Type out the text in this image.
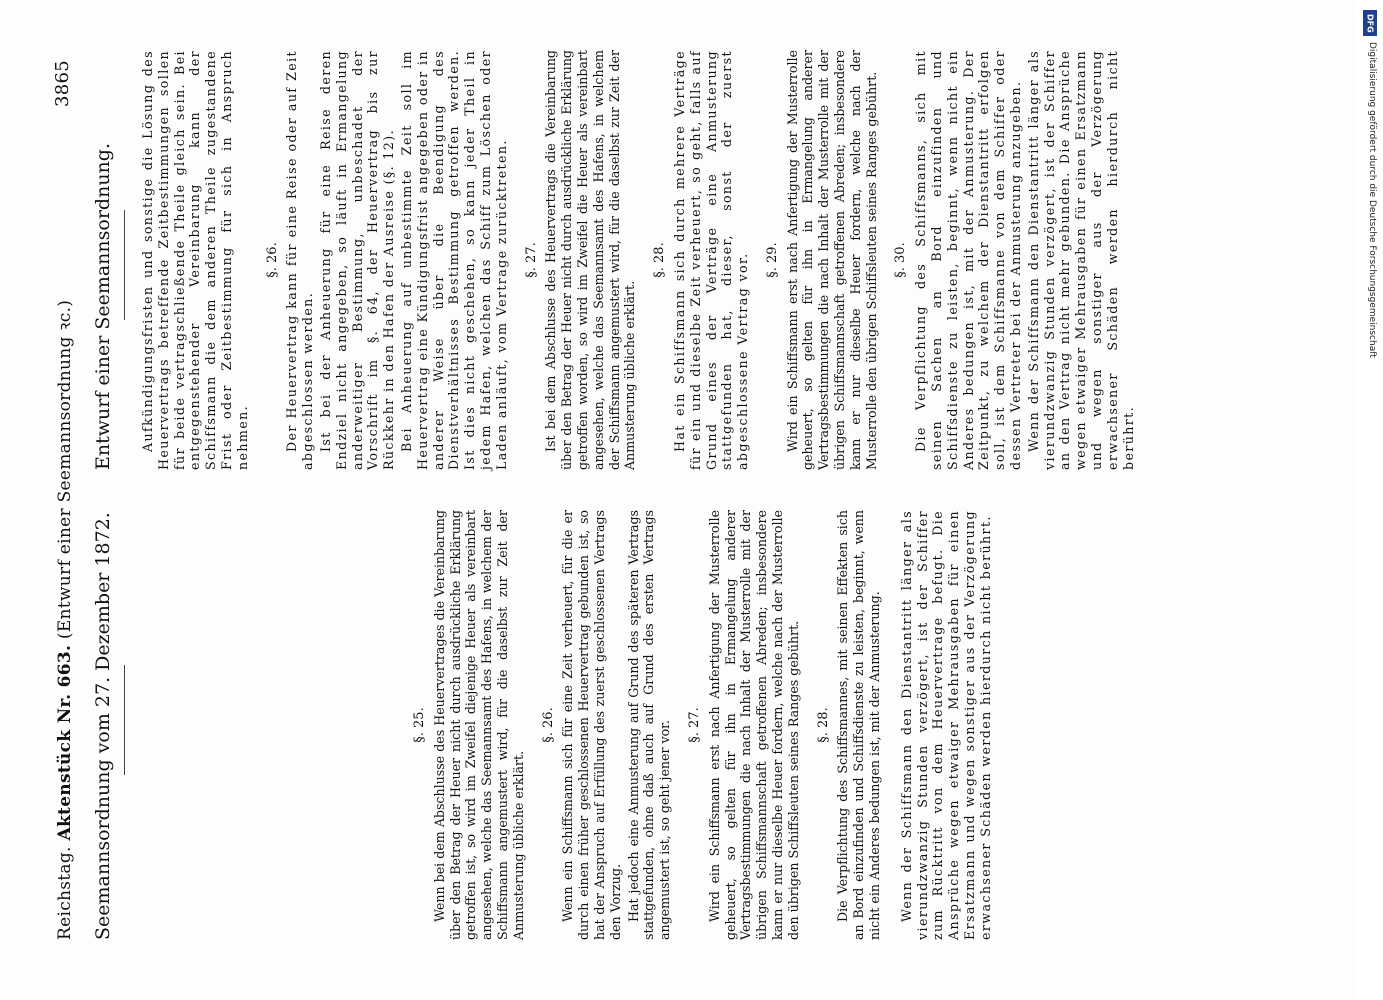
Reichstag. Aktenstück Nr. 663. (Entwurf einer Seemannsordnung ꝛc.)
3865
Seemannsordnung vom 27. Dezember 1872.
Entwurf einer Seemannsordnung.
§. 25. Wenn bei dem Abschlusse des Heuervertrages die Vereinbarung über den Betrag der Heuer nicht durch ausdrückliche Erklärung getroffen ist, so wird im Zweifel diejenige Heuer als vereinbart angesehen, welche das Seemannsamt des Hafens, in welchem der Schiffsmann angemustert wird, für die daselbst zur Zeit der Anmusterung übliche erklärt.

§. 26. Wenn ein Schiffsmann sich für eine Zeit verheuert, für die er durch einen früher geschlossenen Heuervertrag gebunden ist, so hat der Anspruch auf Erfüllung des zuerst geschlossenen Vertrags den Vorzug. Hat jedoch eine Anmusterung auf Grund des späteren Vertrags stattgefunden, ohne daß auch auf Grund des ersten Vertrags angemustert ist, so geht jener vor. §. 27. Wird ein Schiffsmann erst nach Anfertigung der Musterrolle geheuert, so gelten für ihn in Ermangelung anderer Vertragsbestimmungen die nach Inhalt der Musterrolle mit der übrigen Schiffsmannschaft getroffenen Abreden; insbesondere kann er nur dieselbe Heuer fordern, welche nach der Musterrolle den übrigen Schiffsleuten seines Ranges gebührt. §. 28. Die Verpflichtung des Schiffsmannes, mit seinen Effekten sich an Bord einzufinden und Schiffsdienste zu leisten, beginnt, wenn nicht ein Anderes bedungen ist, mit der Anmusterung. Wenn der Schiffsmann den Dienstantritt länger als vierundzwanzig Stunden verzögert, ist der Schiffer zum Rücktritt von dem Heuervertrage befugt. Die Ansprüche wegen etwaiger Mehrausgaben für einen Ersatzmann und wegen sonstiger aus der Verzögerung erwachsener Schäden werden hierdurch nicht berührt.

Aufkündigungsfristen und sonstige die Lösung des Heuervertrags betreffende Zeitbestimmungen sollen für beide vertragschließende Theile gleich sein. Bei entgegenstehender Vereinbarung kann der Schiffsmann die dem anderen Theile zugestandene Frist oder Zeitbestimmung für sich in Anspruch nehmen.

§. 26. Der Heuervertrag kann für eine Reise oder auf Zeit abgeschlossen werden. Ist bei der Anheuerung für eine Reise deren Endziel nicht angegeben, so läuft in Ermangelung anderweitiger Bestimmung, unbeschadet der Vorschrift im §. 64, der Heuervertrag bis zur Rückkehr in den Hafen der Ausreise (§. 12). Bei Anheuerung auf unbestimmte Zeit soll im Heuervertrag eine Kündigungsfrist angegeben oder in anderer Weise über die Beendigung des Dienstverhältnisses Bestimmung getroffen werden. Ist dies nicht geschehen, so kann jeder Theil in jedem Hafen, welchen das Schiff zum Löschen oder Laden anläuft, vom Vertrage zurücktreten. §. 27. Ist bei dem Abschlusse des Heuervertrags die Vereinbarung über den Betrag der Heuer nicht durch ausdrückliche Erklärung getroffen worden, so wird im Zweifel die Heuer als vereinbart angesehen, welche das Seemannsamt des Hafens, in welchem der Schiffsmann angemustert wird, für die daselbst zur Zeit der Anmusterung übliche erklärt.

§. 28. Hat ein Schiffsmann sich durch mehrere Verträge für ein und dieselbe Zeit verheuert, so geht, falls auf Grund eines der Verträge eine Anmusterung stattgefunden hat, dieser, sonst der zuerst abgeschlossene Vertrag vor. §. 29. Wird ein Schiffsmann erst nach Anfertigung der Musterrolle geheuert, so gelten für ihn in Ermangelung anderer Vertragsbestimmungen die nach Inhalt der Musterrolle mit der übrigen Schiffsmannschaft getroffenen Abreden; insbesondere kann er nur dieselbe Heuer fordern, welche nach der Musterrolle den übrigen Schiffsleuten seines Ranges gebührt. §. 30. Die Verpflichtung des Schiffsmanns, sich mit seinen Sachen an Bord einzufinden und Schiffsdienste zu leisten, beginnt, wenn nicht ein Anderes bedungen ist, mit der Anmusterung. Der Zeitpunkt, zu welchem der Dienstantritt erfolgen soll, ist dem Schiffsmanne von dem Schiffer oder dessen Vertreter bei der Anmusterung anzugeben. Wenn der Schiffsmann den Dienstantritt länger als vierundzwanzig Stunden verzögert, ist der Schiffer an den Vertrag nicht mehr gebunden. Die Ansprüche wegen etwaiger Mehrausgaben für einen Ersatzmann und wegen sonstiger aus der Verzögerung erwachsener Schäden werden hierdurch nicht berührt.

DFG
Digitalisierung gefördert durch die Deutsche Forschungsgemeinschaft
